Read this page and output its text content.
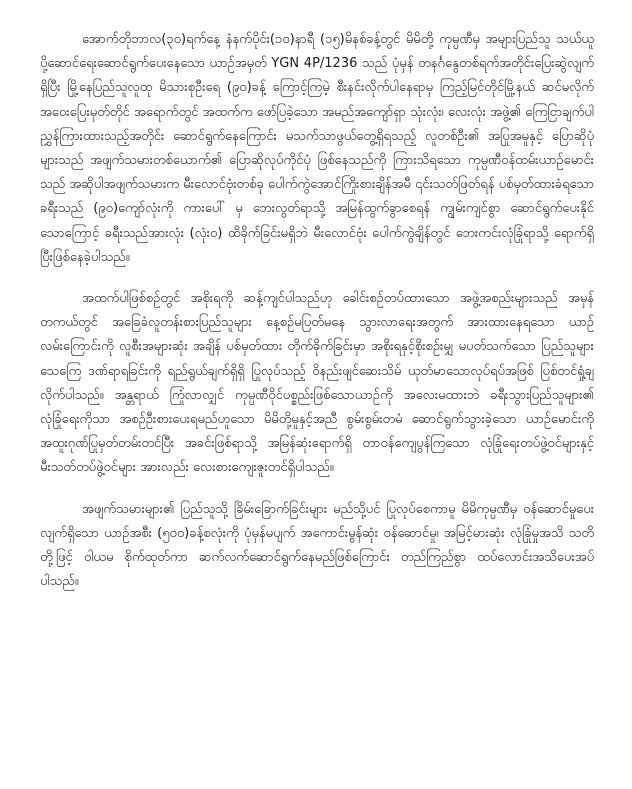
အောက်တိုဘာလ(၃၀)ရက်နေ့ နံနက်ပိုင်း(၁၀)နာရီ (၁၅)မိနစ်ခန့်တွင် မိမိတို့ ကုမ္ပဏီမှ အများပြည်သူ သယ်ယူပို့ဆောင်ရေးဆောင်ရွက်ပေးနေသော ယာဉ်အမှတ် YGN 4P/1236 သည် ပုံမှန် တနင်္ဂနွေတစ်ရက်အတိုင်းပြေးဆွဲလျက်ရှိပြီး မြို့နေပြည်သူလူထု မိသားစုဦးရေ (၉၀)ခန့် ကြောင့်ကြမဲ့ စီးနင်းလိုက်ပါနေရာမှ ကြည့်မြင်တိုင်မြို့နယ် ဆင်မလိုက်အဝေးပြေးမှတ်တိုင် အရောက်တွင် အထက်က ဖော်ပြခဲ့သော အမည်အကျော်ရှာ သုံးလုံး၊ လေးလုံး အဖွဲ့၏ ကြေငြာချက်ပါ ညွှန်ကြားထားသည့်အတိုင်း ဆောင်ရွက်နေကြောင်း မသက်သာဖွယ်တွေ့ရှိရသည့် လူတစ်ဦး၏ အပြုအမူနှင့် ပြောဆိုပုံများသည် အဖျက်သမားတစ်ယောက်၏ ပြောဆိုလုပ်ကိုင်ပုံ ဖြစ်နေသည်ကို ကြားသိရသော ကုမ္ပဏီဝန်ထမ်းယာဉ်မောင်းသည် အဆိုပါအဖျက်သမားက မီးလောင်ဗုံးတစ်ခု ပေါက်ကွဲအောင်ကြိုးစားချိန်အမီ ၎င်းသတ်ဖြတ်ရန် ပစ်မှတ်ထားခံရသော ခရီးသည် (၉၀)ကျော်လုံးကို ကားပေါ် မှ ဘေးလွတ်ရာသို့ အမြန်ထွက်ခွာစေရန် ကျွမ်းကျင်စွာ ဆောင်ရွက်ပေးနိုင်သောကြောင့် ခရီးသည်အားလုံး (လုံး၀) ထိခိုက်ခြင်းမရှိဘဲ မီးလောင်ဗုံး ပေါက်ကွဲချိန်တွင် ဘေးကင်းလုံခြုံရာသို့ ရောက်ရှိပြီးဖြစ်နေခဲ့ပါသည်။

အထက်ပါဖြစ်စဉ်တွင် အစိုးရကို ဆန့်ကျင်ပါသည်ဟု ခေါင်းစဉ်တပ်ထားသော အဖွဲ့အစည်းများသည် အမှန်တကယ်တွင် အခြေခံလူတန်းစားပြည်သူများ နေ့စဉ်မပြတ်မနေ သွားလာရေးအတွက် အားထားနေရသော ယာဉ်လမ်းကြောင်းကို လူစီးအများဆုံး အချိန် ပစ်မှတ်ထား တိုက်ခိုက်ခြင်းမှာ အစိုးရနှင့်စိုးစဉ်းမျှ မပတ်သက်သော ပြည်သူများသေကြေ ဒဏ်ရာရခြင်းကို ရည်ရွယ်ချက်ရှိရှိ ပြုလုပ်သည့် ဝိနည်းဖျင်ဆေးသိမ် ယုတ်မာသောလုပ်ရပ်အဖြစ် ပြစ်တင်ရှုံ့ချ လိုက်ပါသည်။ အန္တရာယ် ကြုံလာလျှင် ကုမ္ပဏီဝိုင်ပစ္စည်းဖြစ်သောယာဉ်ကို အလေးမထားဘဲ ခရီးသွားပြည်သူများ၏ လုံခြုံရေးကိုသာ အစဉ်ဦးစားပေးရမည်ဟူသော မိမိတို့မူနှင့်အညီ စွမ်းစွမ်းတမံ ဆောင်ရွက်သွားခဲ့သော ယာဉ်မောင်းကို အထူးဂုဏ်ပြုမှတ်တမ်းတင်ပြီး အခင်းဖြစ်ရာသို့ အမြန်ဆုံးရောက်ရှိ တာဝန်ကျေပွန်ကြသော လုံခြုံရေးတပ်ဖွဲ့ဝင်များနှင့် မီးသတ်တပ်ဖွဲ့ဝင်များ အားလည်း လေးစားကျေးဇူးတင်ရှိပါသည်။

အဖျက်သမားများ၏ ပြည်သူသို့ ခြိမ်းခြောက်ခြင်းများ မည်သို့ပင် ပြုလုပ်စေကာမူ မိမိကုမ္ပဏီမှ ဝန်ဆောင်မှုပေးလျက်ရှိသော ယာဉ်အစီး (၅၀၀)ခန့်စလုံးကို ပုံမှန်မပျက် အကောင်းမွန်ဆုံး ဝန်ဆောင်မှု၊ အမြင့်မားဆုံး လုံခြုံမှုအသိ သတိတို့ဖြင့် ဝါယမ စိုက်ထုတ်ကာ ဆက်လက်ဆောင်ရွက်နေမည်ဖြစ်ကြောင်း တည်ကြည်စွာ ထပ်လောင်းအသိပေးအပ်ပါသည်။
